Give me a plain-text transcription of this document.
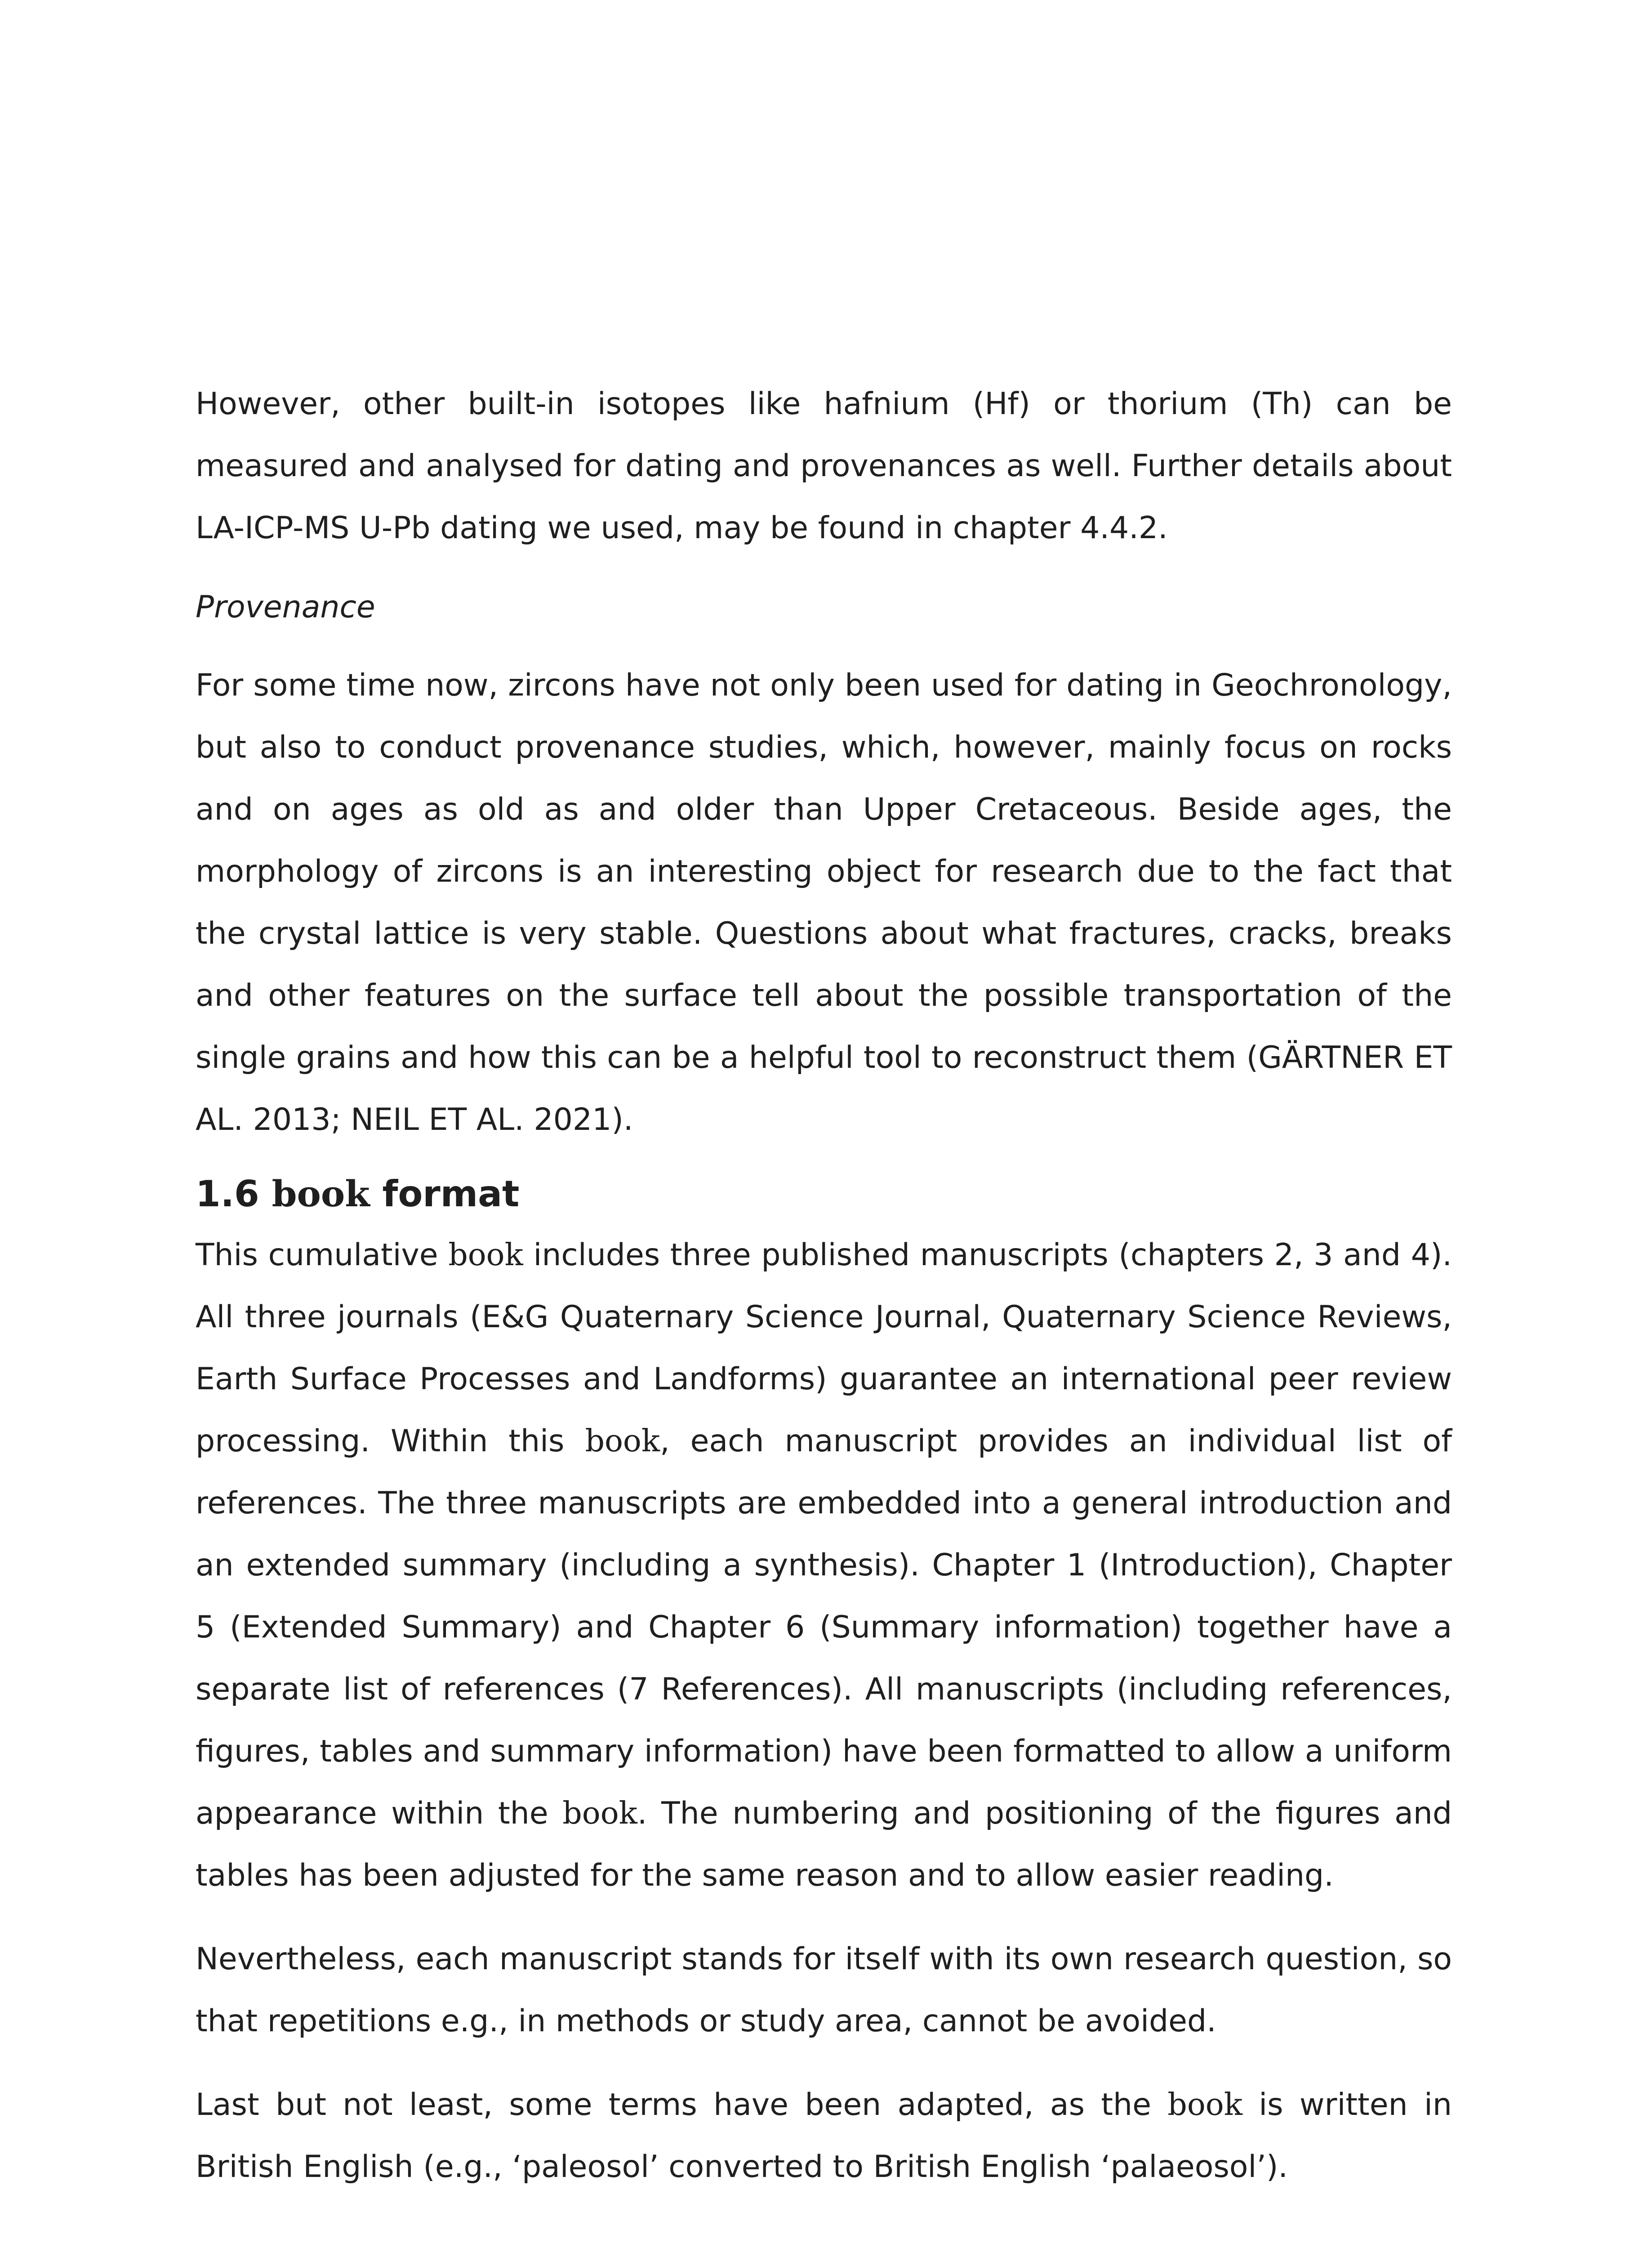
However, other built-in isotopes like hafnium (Hf) or thorium (Th) can be measured and analysed for dating and provenances as well. Further details about LA-ICP-MS U-Pb dating we used, may be found in chapter 4.4.2.

Provenance

For some time now, zircons have not only been used for dating in Geochronology, but also to conduct provenance studies, which, however, mainly focus on rocks and on ages as old as and older than Upper Cretaceous. Beside ages, the morphology of zircons is an interesting object for research due to the fact that the crystal lattice is very stable. Questions about what fractures, cracks, breaks and other features on the surface tell about the possible transportation of the single grains and how this can be a helpful tool to reconstruct them (GÄRTNER ET AL. 2013; NEIL ET AL. 2021).

1.6 book format

This cumulative book includes three published manuscripts (chapters 2, 3 and 4). All three journals (E&G Quaternary Science Journal, Quaternary Science Reviews, Earth Surface Processes and Landforms) guarantee an international peer review processing. Within this book, each manuscript provides an individual list of references. The three manuscripts are embedded into a general introduction and an extended summary (including a synthesis). Chapter 1 (Introduction), Chapter 5 (Extended Summary) and Chapter 6 (Summary information) together have a separate list of references (7 References). All manuscripts (including references, figures, tables and summary information) have been formatted to allow a uniform appearance within the book. The numbering and positioning of the figures and tables has been adjusted for the same reason and to allow easier reading.

Nevertheless, each manuscript stands for itself with its own research question, so that repetitions e.g., in methods or study area, cannot be avoided.

Last but not least, some terms have been adapted, as the book is written in British English (e.g., ‘paleosol’ converted to British English ‘palaeosol’).
